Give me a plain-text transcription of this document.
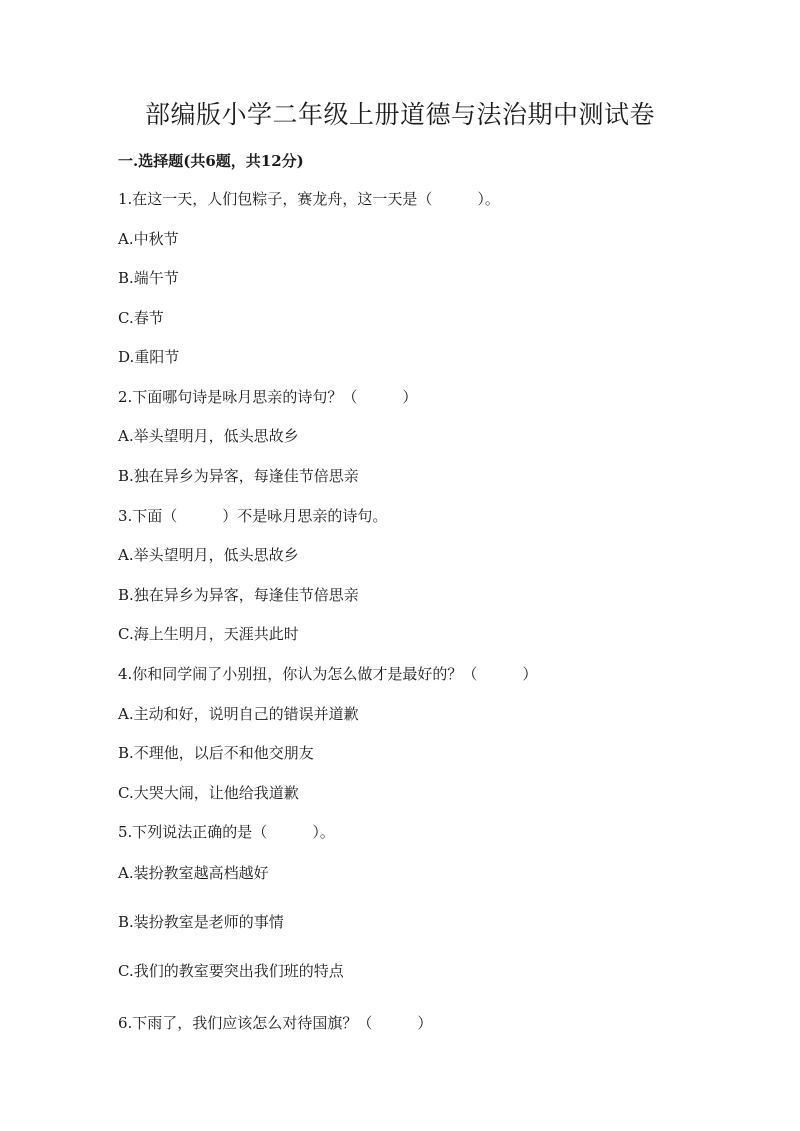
部编版小学二年级上册道德与法治期中测试卷

一.选择题(共6题，共12分)

1.在这一天，人们包粽子，赛龙舟，这一天是（　　　）。

A.中秋节

B.端午节

C.春节

D.重阳节

2.下面哪句诗是咏月思亲的诗句？（　　　）

A.举头望明月，低头思故乡

B.独在异乡为异客，每逢佳节倍思亲

3.下面（　　　）不是咏月思亲的诗句。

A.举头望明月，低头思故乡

B.独在异乡为异客，每逢佳节倍思亲

C.海上生明月，天涯共此时

4.你和同学闹了小别扭，你认为怎么做才是最好的？（　　　）

A.主动和好，说明自己的错误并道歉

B.不理他，以后不和他交朋友

C.大哭大闹，让他给我道歉

5.下列说法正确的是（　　　）。

A.装扮教室越高档越好

B.装扮教室是老师的事情

C.我们的教室要突出我们班的特点

6.下雨了，我们应该怎么对待国旗？（　　　）
